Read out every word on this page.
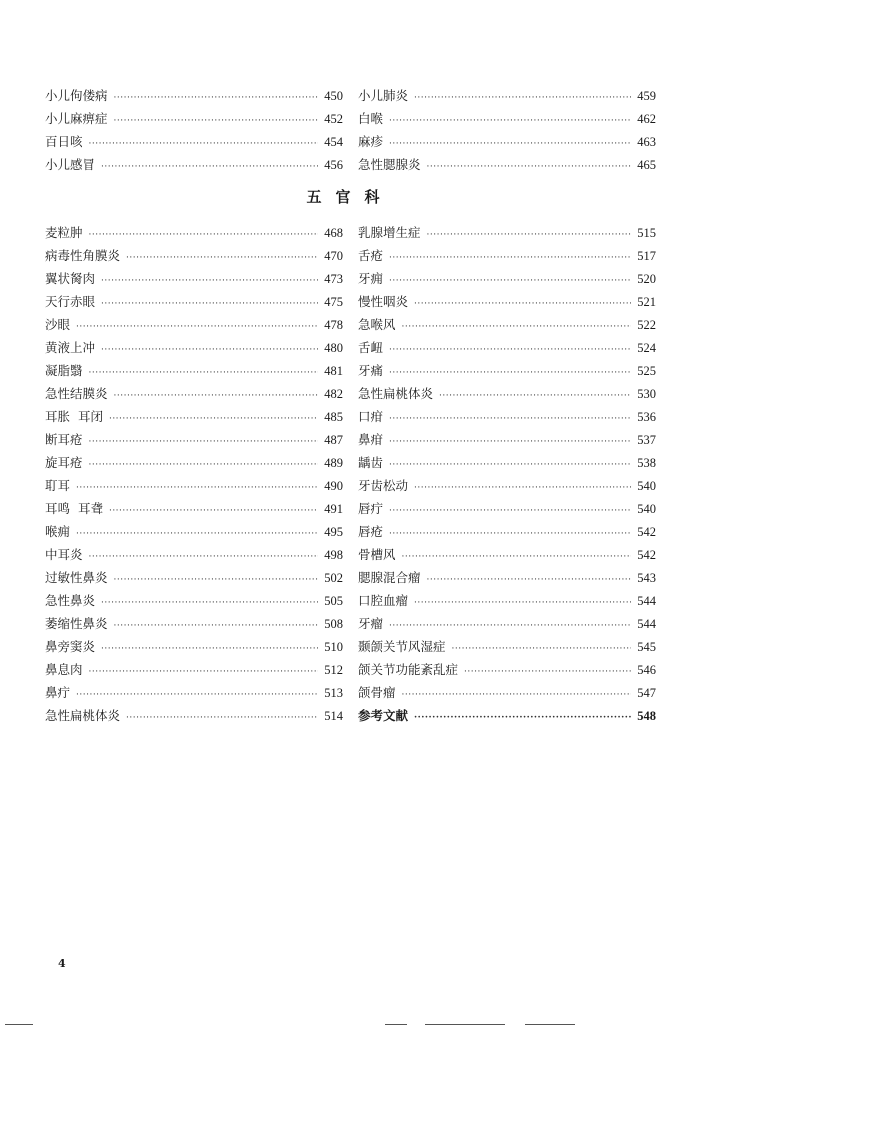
小儿佝偻病 ·····	450
小儿麻痹症 ·····	452
百日咳 ·····	454
小儿感冒 ·····	456
小儿肺炎 ·····	459
白喉 ·····	462
麻疹 ·····	463
急性腮腺炎 ·····	465
五官科
麦粒肿 ·····	468
病毒性角膜炎 ·····	470
翼状胬肉 ·····	473
天行赤眼 ·····	475
沙眼 ·····	478
黄液上冲 ·····	480
凝脂翳 ·····	481
急性结膜炎 ·····	482
耳胀  耳闭 ·····	485
断耳疮 ·····	487
旋耳疮 ·····	489
耵耳 ·····	490
耳鸣  耳聋 ·····	491
喉痈 ·····	495
中耳炎 ·····	498
过敏性鼻炎 ·····	502
急性鼻炎 ·····	505
萎缩性鼻炎 ·····	508
鼻旁窦炎 ·····	510
鼻息肉 ·····	512
鼻疔 ·····	513
急性扁桃体炎 ·····	514
乳腺增生症 ·····	515
舌疮 ·····	517
牙痈 ·····	520
慢性咽炎 ·····	521
急喉风 ·····	522
舌衄 ·····	524
牙痛 ·····	525
急性扁桃体炎 ·····	530
口疳 ·····	536
鼻疳 ·····	537
龋齿 ·····	538
牙齿松动 ·····	540
唇疔 ·····	540
唇疮 ·····	542
骨槽风 ·····	542
腮腺混合瘤 ·····	543
口腔血瘤 ·····	544
牙瘤 ·····	544
颞颌关节风湿症 ·····	545
颌关节功能紊乱症 ·····	546
颌骨瘤 ·····	547
参考文献 ·····	548
4
